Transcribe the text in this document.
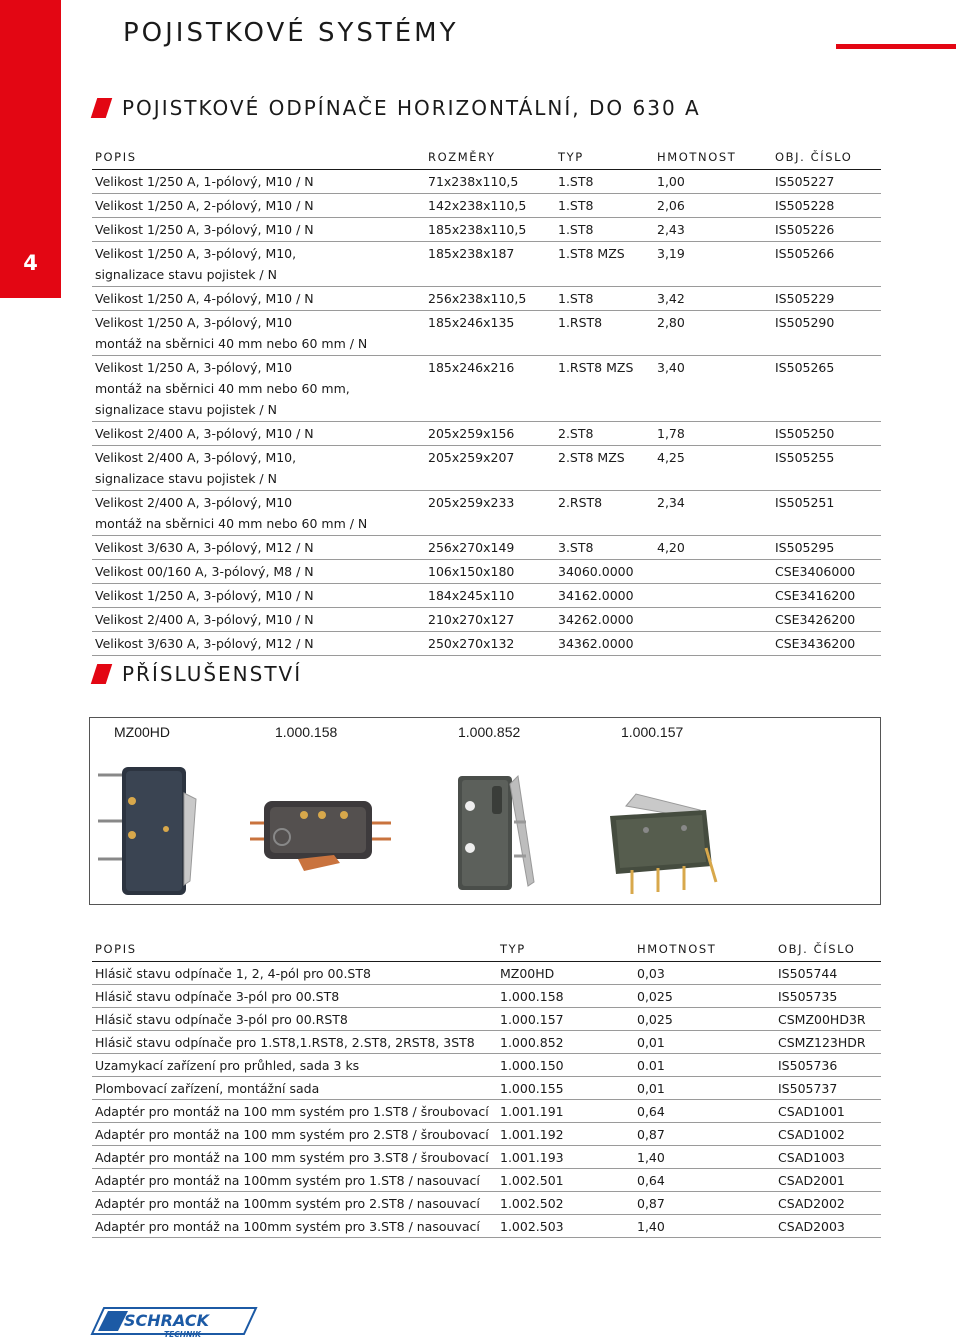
4
POJISTKOVÉ SYSTÉMY
POJISTKOVÉ ODPÍNAČE HORIZONTÁLNÍ, DO 630 A
POPIS	ROZMĚRY	TYP	HMOTNOST	OBJ. ČÍSLO

Velikost 1/250 A, 1-pólový, M10 / N	71x238x110,5	1.ST8	1,00	IS505227

Velikost 1/250 A, 2-pólový, M10 / N	142x238x110,5	1.ST8	2,06	IS505228

Velikost 1/250 A, 3-pólový, M10 / N	185x238x110,5	1.ST8	2,43	IS505226

Velikost 1/250 A, 3-pólový, M10,
signalizace stavu pojistek / N	185x238x187	1.ST8 MZS	3,19	IS505266

Velikost 1/250 A, 4-pólový, M10 / N	256x238x110,5	1.ST8	3,42	IS505229

Velikost 1/250 A, 3-pólový, M10
montáž na sběrnici 40 mm nebo 60 mm / N	185x246x135	1.RST8	2,80	IS505290

Velikost 1/250 A, 3-pólový, M10
montáž na sběrnici 40 mm nebo 60 mm,
signalizace stavu pojistek / N	185x246x216	1.RST8 MZS	3,40	IS505265

Velikost 2/400 A, 3-pólový, M10 / N	205x259x156	2.ST8	1,78	IS505250

Velikost 2/400 A, 3-pólový, M10,
signalizace stavu pojistek / N	205x259x207	2.ST8 MZS	4,25	IS505255

Velikost 2/400 A, 3-pólový, M10
montáž na sběrnici 40 mm nebo 60 mm / N	205x259x233	2.RST8	2,34	IS505251

Velikost 3/630 A, 3-pólový, M12 / N	256x270x149	3.ST8	4,20	IS505295

Velikost 00/160 A, 3-pólový, M8 / N	106x150x180	34060.0000		CSE3406000

Velikost 1/250 A, 3-pólový, M10 / N	184x245x110	34162.0000		CSE3416200

Velikost 2/400 A, 3-pólový, M10 / N	210x270x127	34262.0000		CSE3426200

Velikost 3/630 A, 3-pólový, M12 / N	250x270x132	34362.0000		CSE3436200
PŘÍSLUŠENSTVÍ
MZ00HD	1.000.158	1.000.852	1.000.157
POPIS	TYP	HMOTNOST	OBJ. ČÍSLO
Hlásič stavu odpínače 1, 2, 4-pól pro 00.ST8	MZ00HD	0,03	IS505744
Hlásič stavu odpínače 3-pól pro 00.ST8	1.000.158	0,025	IS505735
Hlásič stavu odpínače 3-pól pro 00.RST8	1.000.157	0,025	CSMZ00HD3R
Hlásič stavu odpínače pro 1.ST8,1.RST8, 2.ST8, 2RST8, 3ST8	1.000.852	0,01	CSMZ123HDR
Uzamykací zařízení pro průhled, sada 3 ks	1.000.150	0.01	IS505736
Plombovací zařízení, montážní sada	1.000.155	0,01	IS505737
Adaptér pro montáž na 100 mm systém pro 1.ST8 / šroubovací	1.001.191	0,64	CSAD1001
Adaptér pro montáž na 100 mm systém pro 2.ST8 / šroubovací	1.001.192	0,87	CSAD1002
Adaptér pro montáž na 100 mm systém pro 3.ST8 / šroubovací	1.001.193	1,40	CSAD1003
Adaptér pro montáž na 100mm systém pro 1.ST8 / nasouvací	1.002.501	0,64	CSAD2001
Adaptér pro montáž na 100mm systém pro 2.ST8 / nasouvací	1.002.502	0,87	CSAD2002
Adaptér pro montáž na 100mm systém pro 3.ST8 / nasouvací	1.002.503	1,40	CSAD2003
SCHRACK
TECHNIK
